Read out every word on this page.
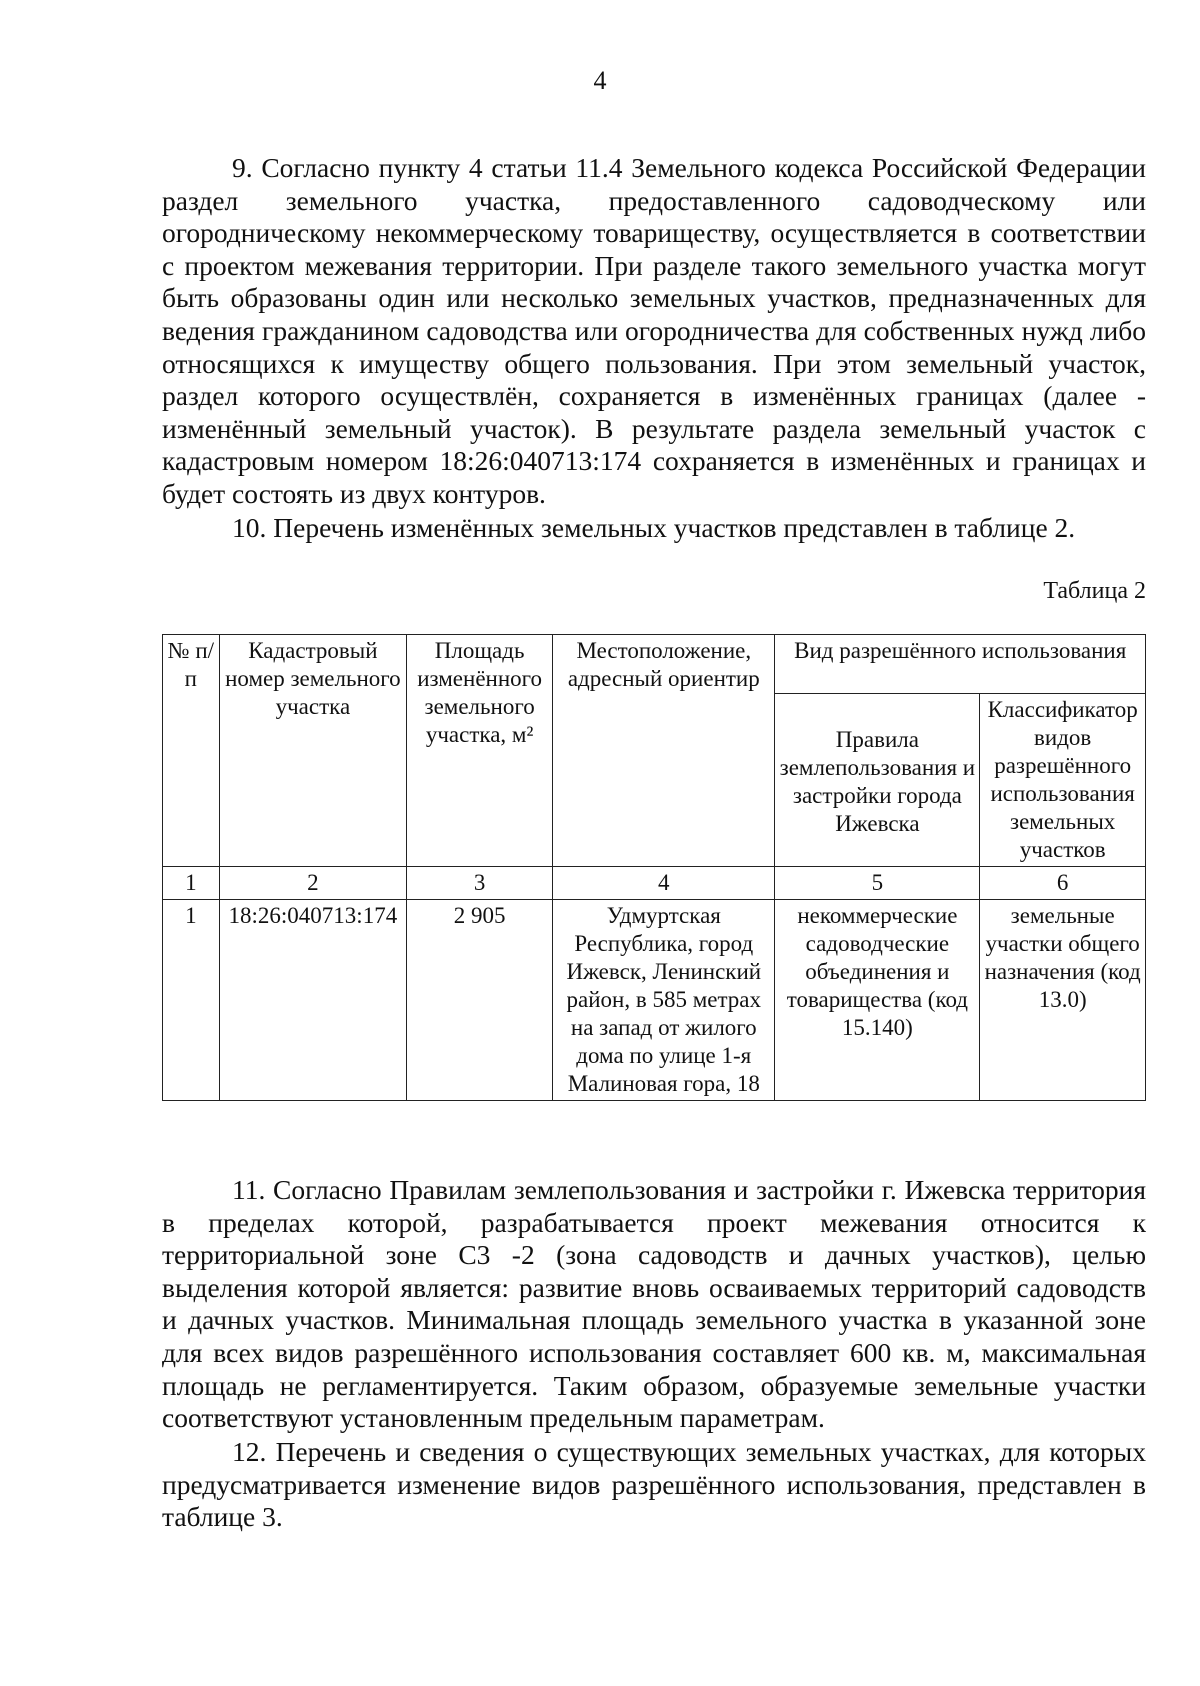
4

9. Согласно пункту 4 статьи 11.4 Земельного кодекса Российской Федерации раздел земельного участка, предоставленного садоводческому или огородническому некоммерческому товариществу, осуществляется в соответствии с проектом межевания территории. При разделе такого земельного участка могут быть образованы один или несколько земельных участков, предназначенных для ведения гражданином садоводства или огородничества для собственных нужд либо относящихся к имуществу общего пользования. При этом земельный участок, раздел которого осуществлён, сохраняется в изменённых границах (далее - изменённый земельный участок). В результате раздела земельный участок с кадастровым номером 18:26:040713:174 сохраняется в изменённых и границах и будет состоять из двух контуров.

10. Перечень изменённых земельных участков представлен в таблице 2.

Таблица 2
№ п/п	Кадастровый номер земельного участка	Площадь изменённого земельного участка, м²	Местоположение, адресный ориентир	Вид разрешённого использования	
				Правила землепользования и застройки города Ижевска	Классификатор видов разрешённого использования земельных участков
1	2	3	4	5	6
1	18:26:040713:174	2 905	Удмуртская Республика, город Ижевск, Ленинский район, в 585 метрах на запад от жилого дома по улице 1-я Малиновая гора, 18	некоммерческие садоводческие объединения и товарищества (код 15.140)	земельные участки общего назначения (код 13.0)

11. Согласно Правилам землепользования и застройки г. Ижевска территория в пределах которой, разрабатывается проект межевания относится к территориальной зоне С3 -2 (зона садоводств и дачных участков), целью выделения которой является: развитие вновь осваиваемых территорий садоводств и дачных участков. Минимальная площадь земельного участка в указанной зоне для всех видов разрешённого использования составляет 600 кв. м, максимальная площадь не регламентируется. Таким образом, образуемые земельные участки соответствуют установленным предельным параметрам.

12. Перечень и сведения о существующих земельных участках, для которых предусматривается изменение видов разрешённого использования, представлен в таблице 3.
